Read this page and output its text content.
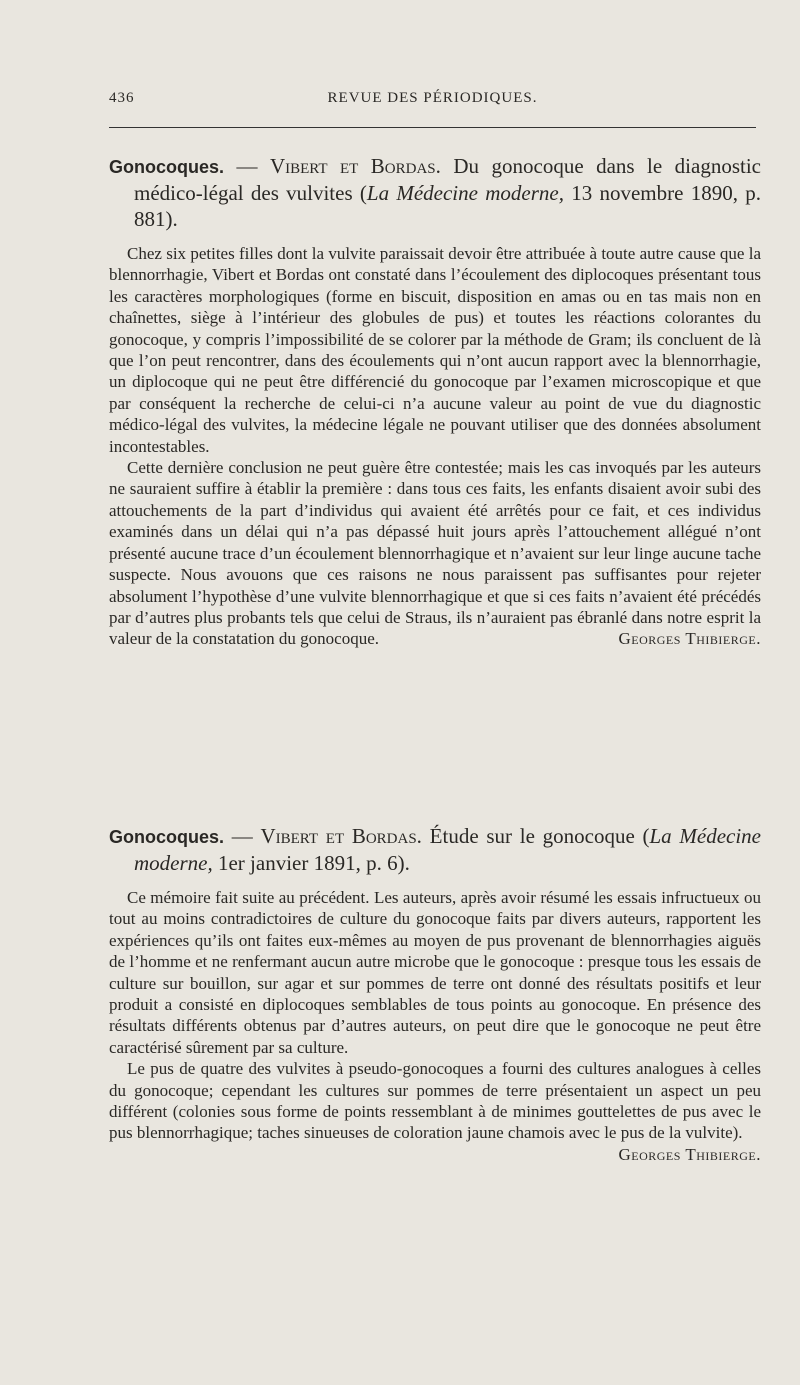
436	REVUE DES PÉRIODIQUES.

Gonocoques. — Vibert et Bordas. Du gonocoque dans le diagnostic médico-légal des vulvites (La Médecine moderne, 13 novembre 1890, p. 881).

Chez six petites filles dont la vulvite paraissait devoir être attribuée à toute autre cause que la blennorrhagie, Vibert et Bordas ont constaté dans l’écoulement des diplocoques présentant tous les caractères morphologiques (forme en biscuit, disposition en amas ou en tas mais non en chaînettes, siège à l’intérieur des globules de pus) et toutes les réactions colorantes du gonocoque, y compris l’impossibilité de se colorer par la méthode de Gram; ils concluent de là que l’on peut rencontrer, dans des écoulements qui n’ont aucun rapport avec la blennorrhagie, un diplocoque qui ne peut être différencié du gonocoque par l’examen microscopique et que par conséquent la recherche de celui-ci n’a aucune valeur au point de vue du diagnostic médico-légal des vulvites, la médecine légale ne pouvant utiliser que des données absolument incontestables.

Cette dernière conclusion ne peut guère être contestée; mais les cas invoqués par les auteurs ne sauraient suffire à établir la première : dans tous ces faits, les enfants disaient avoir subi des attouchements de la part d’individus qui avaient été arrêtés pour ce fait, et ces individus examinés dans un délai qui n’a pas dépassé huit jours après l’attouchement allégué n’ont présenté aucune trace d’un écoulement blennorrhagique et n’avaient sur leur linge aucune tache suspecte. Nous avouons que ces raisons ne nous paraissent pas suffisantes pour rejeter absolument l’hypothèse d’une vulvite blennorrhagique et que si ces faits n’avaient été précédés par d’autres plus probants tels que celui de Straus, ils n’auraient pas ébranlé dans notre esprit la valeur de la constatation du gonocoque.	Georges Thibierge.

Gonocoques. — Vibert et Bordas. Étude sur le gonocoque (La Médecine moderne, 1er janvier 1891, p. 6).

Ce mémoire fait suite au précédent. Les auteurs, après avoir résumé les essais infructueux ou tout au moins contradictoires de culture du gonocoque faits par divers auteurs, rapportent les expériences qu’ils ont faites eux-mêmes au moyen de pus provenant de blennorrhagies aiguës de l’homme et ne renfermant aucun autre microbe que le gonocoque : presque tous les essais de culture sur bouillon, sur agar et sur pommes de terre ont donné des résultats positifs et leur produit a consisté en diplocoques semblables de tous points au gonocoque. En présence des résultats différents obtenus par d’autres auteurs, on peut dire que le gonocoque ne peut être caractérisé sûrement par sa culture.

Le pus de quatre des vulvites à pseudo-gonocoques a fourni des cultures analogues à celles du gonocoque; cependant les cultures sur pommes de terre présentaient un aspect un peu différent (colonies sous forme de points ressemblant à de minimes gouttelettes de pus avec le pus blennorrhagique; taches sinueuses de coloration jaune chamois avec le pus de la vulvite).
Georges Thibierge.
